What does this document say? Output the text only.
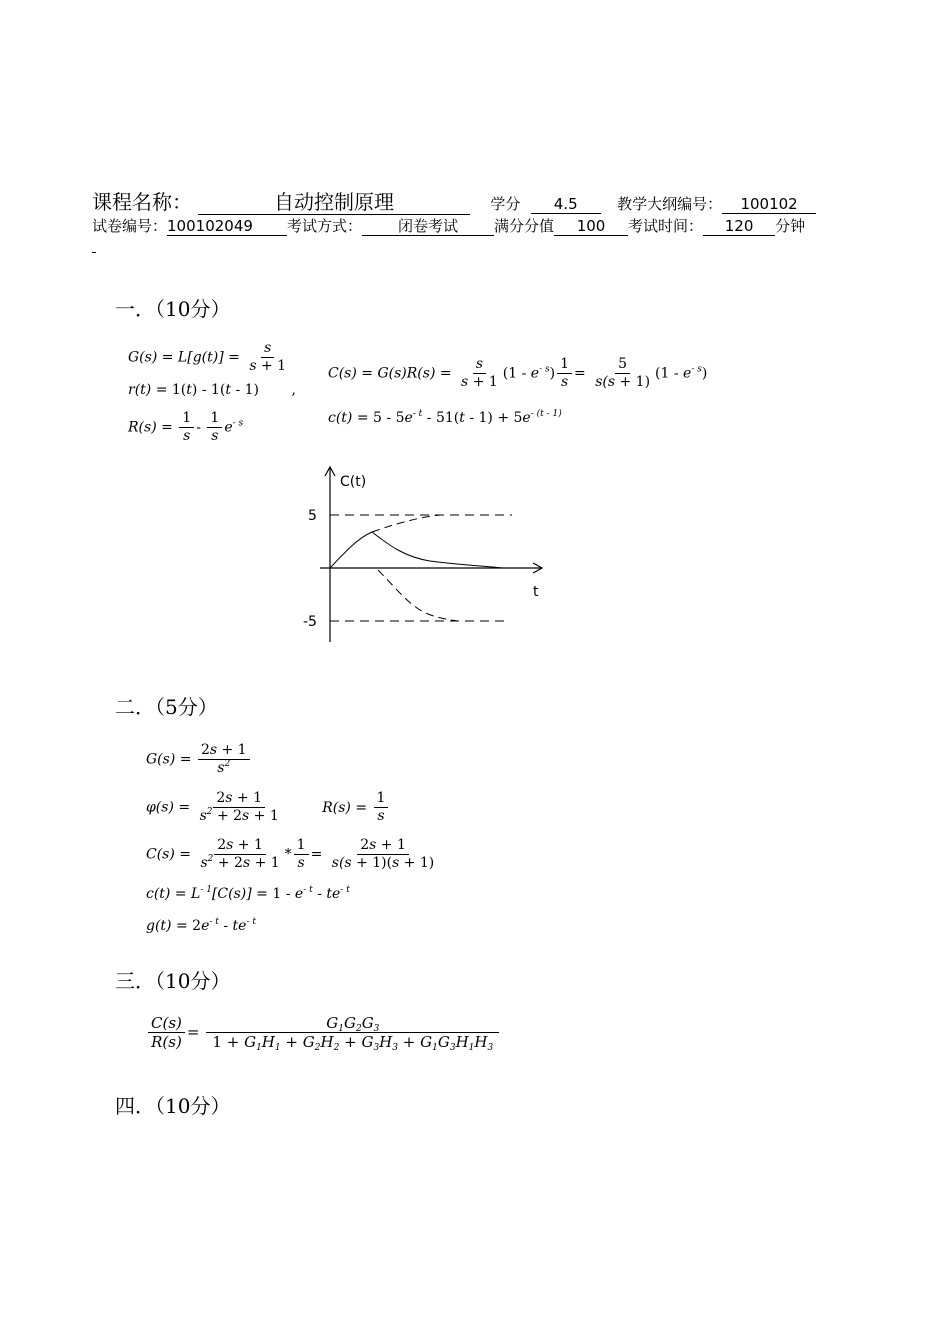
课程名称：	自动控制原理	学分 4.5	教学大纲编号： 100102
试卷编号：100102049 考试方式： 闭卷考试 满分分值 100 考试时间： 120 分钟
一．（10分）
$G(s) = L[g(t)] = \frac{s}{s + 1}$
r(t) = 1(t) - 1(t - 1) ,
$R(s) = \frac{1}{s} - \frac{1}{s} e^{- s}$
$C(s) = G(s)R(s) = \frac{s}{s + 1} (1 - e^{- s}) \frac{1}{s} = \frac{5}{s(s + 1)} (1 - e^{- s})$
$c(t) = 5 - 5e^{- t} - 51(t - 1) + 5e^{- (t - 1)}$
C(t)
t
5
-5
二．（5分）
$G(s) = \frac{2s + 1}{s^2}$
$\varphi(s) = \frac{2s + 1}{s^2 + 2s + 1}$	$R(s) = \frac{1}{s}$
$C(s) = \frac{2s + 1}{s^2 + 2s + 1} * \frac{1}{s} = \frac{2s + 1}{s(s + 1)(s + 1)}$
$c(t) = L^{- 1}[C(s)] = 1 - e^{- t} - te^{- t}$
$g(t) = 2e^{- t} - te^{- t}$
三．（10分）
$\frac{C(s)}{R(s)} = \frac{G_1G_2G_3}{1 + G_1H_1 + G_2H_2 + G_3H_3 + G_1G_3H_1H_3}$
四．（10分）
